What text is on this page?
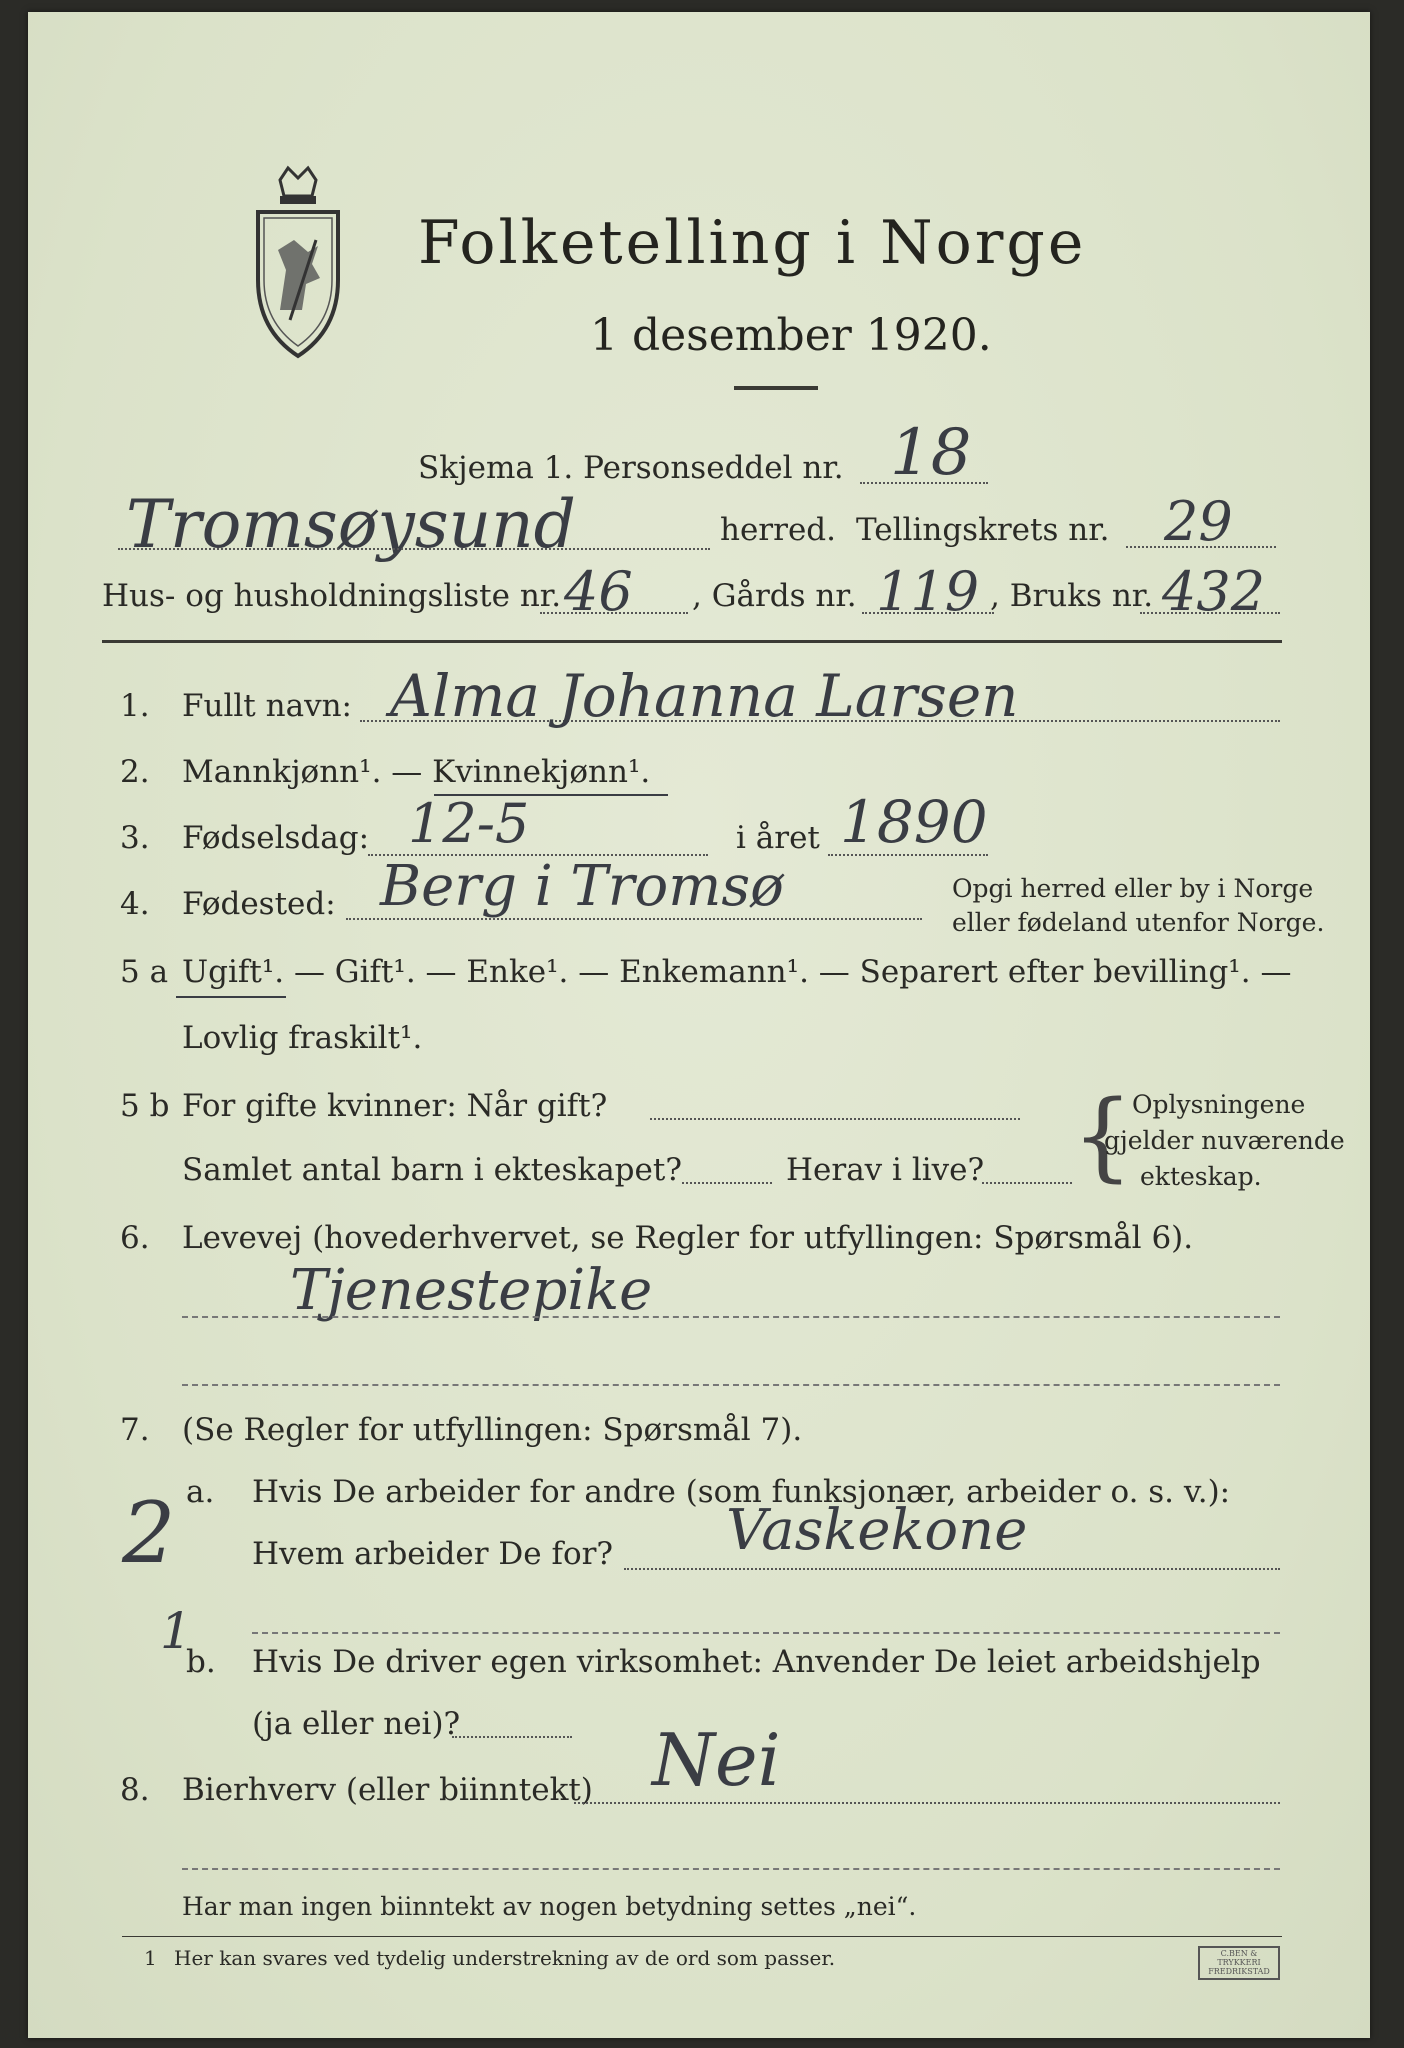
Folketelling i Norge
1 desember 1920.
Skjema 1. Personseddel nr. 18
Tromsøysund	herred. Tellingskrets nr. 29
Hus- og husholdningsliste nr. 46 , Gårds nr. 119 , Bruks nr. 432
1. Fullt navn: Alma Johanna Larsen
2. Mannkjønn¹. — Kvinnekjønn¹.
3. Fødselsdag: 12-5	i året 1890
4. Fødested: Berg i Tromsø	Opgi herred eller by i Norge
eller fødeland utenfor Norge.
5 a Ugift¹. — Gift¹. — Enke¹. — Enkemann¹. — Separert efter bevilling¹. —
Lovlig fraskilt¹.
5 b For gifte kvinner: Når gift?
Samlet antal barn i ekteskapet?	Herav i live? {
Oplysningene
gjelder nuværende
ekteskap.
6. Levevej (hovederhvervet, se Regler for utfyllingen: Spørsmål 6).
Tjenestepike
7. (Se Regler for utfyllingen: Spørsmål 7).
a. Hvis De arbeider for andre (som funksjonær, arbeider o. s. v.):
Hvem arbeider De for? Vaskekone
2
b. Hvis De driver egen virksomhet: Anvender De leiet arbeidshjelp
1
(ja eller nei)?
8. Bierhverv (eller biinntekt) Nei
Har man ingen biinntekt av nogen betydning settes „nei“.
1 Her kan svares ved tydelig understrekning av de ord som passer.	C.BEN & TRYKKERI FREDRIKSTAD
